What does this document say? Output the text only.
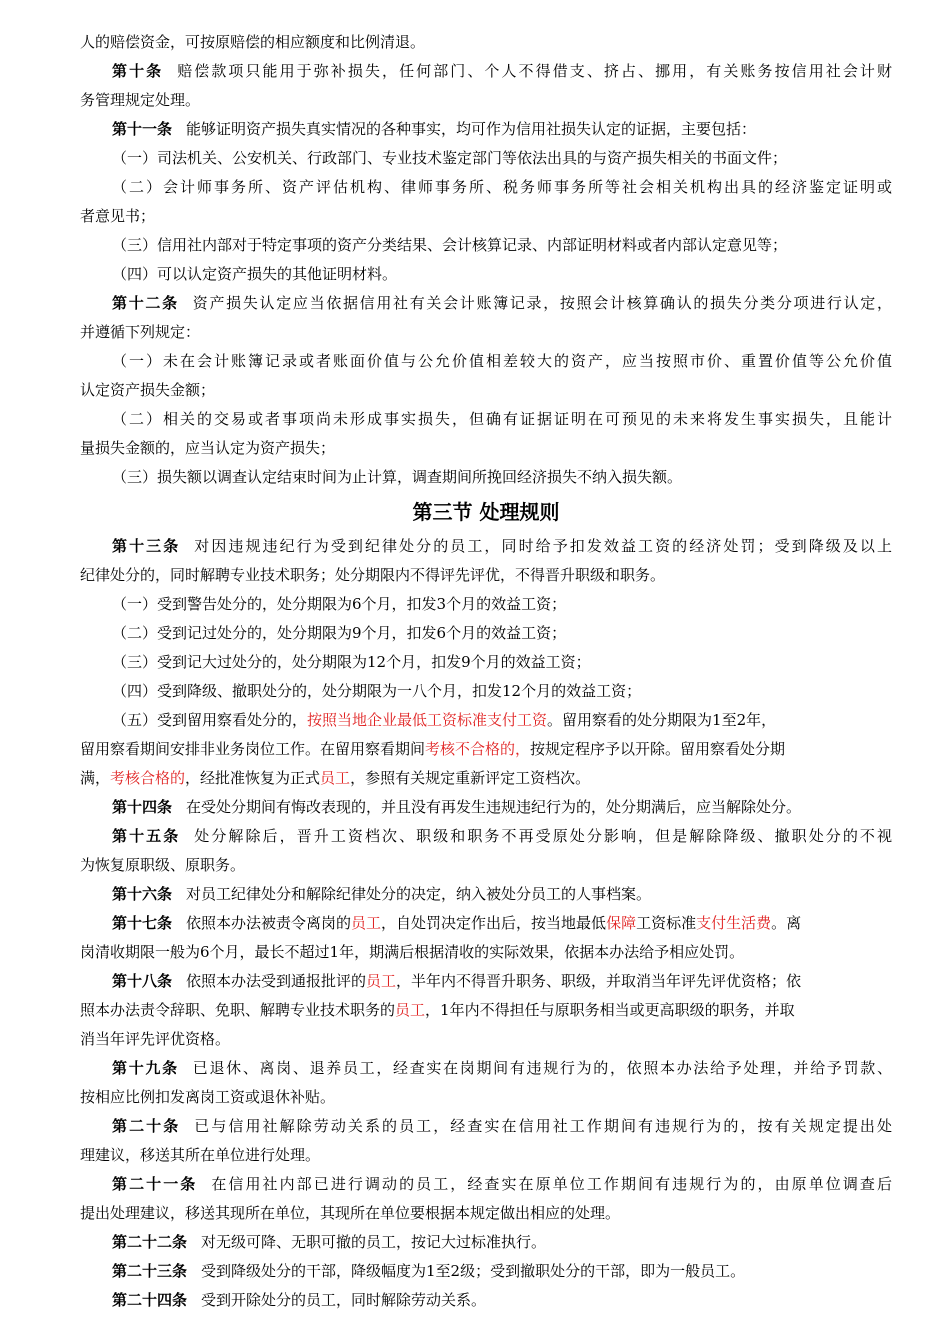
人的赔偿资金，可按原赔偿的相应额度和比例清退。
第十条 赔偿款项只能用于弥补损失，任何部门、个人不得借支、挤占、挪用，有关账务按信用社会计财
务管理规定处理。
第十一条 能够证明资产损失真实情况的各种事实，均可作为信用社损失认定的证据，主要包括：
（一）司法机关、公安机关、行政部门、专业技术鉴定部门等依法出具的与资产损失相关的书面文件；
（二）会计师事务所、资产评估机构、律师事务所、税务师事务所等社会相关机构出具的经济鉴定证明或
者意见书；
（三）信用社内部对于特定事项的资产分类结果、会计核算记录、内部证明材料或者内部认定意见等；
（四）可以认定资产损失的其他证明材料。
第十二条 资产损失认定应当依据信用社有关会计账簿记录，按照会计核算确认的损失分类分项进行认定，
并遵循下列规定：
（一）未在会计账簿记录或者账面价值与公允价值相差较大的资产，应当按照市价、重置价值等公允价值
认定资产损失金额；
（二）相关的交易或者事项尚未形成事实损失，但确有证据证明在可预见的未来将发生事实损失，且能计
量损失金额的，应当认定为资产损失；
（三）损失额以调查认定结束时间为止计算，调查期间所挽回经济损失不纳入损失额。
第三节 处理规则
第十三条 对因违规违纪行为受到纪律处分的员工，同时给予扣发效益工资的经济处罚；受到降级及以上
纪律处分的，同时解聘专业技术职务；处分期限内不得评先评优，不得晋升职级和职务。
（一）受到警告处分的，处分期限为6个月，扣发3个月的效益工资；
（二）受到记过处分的，处分期限为9个月，扣发6个月的效益工资；
（三）受到记大过处分的，处分期限为12个月，扣发9个月的效益工资；
（四）受到降级、撤职处分的，处分期限为一八个月，扣发12个月的效益工资；
（五）受到留用察看处分的，按照当地企业最低工资标准支付工资。留用察看的处分期限为1至2年，
留用察看期间安排非业务岗位工作。在留用察看期间考核不合格的，按规定程序予以开除。留用察看处分期
满，考核合格的，经批准恢复为正式员工，参照有关规定重新评定工资档次。
第十四条 在受处分期间有悔改表现的，并且没有再发生违规违纪行为的，处分期满后，应当解除处分。
第十五条 处分解除后，晋升工资档次、职级和职务不再受原处分影响，但是解除降级、撤职处分的不视
为恢复原职级、原职务。
第十六条 对员工纪律处分和解除纪律处分的决定，纳入被处分员工的人事档案。
第十七条 依照本办法被责令离岗的员工，自处罚决定作出后，按当地最低保障工资标准支付生活费。离
岗清收期限一般为6个月，最长不超过1年，期满后根据清收的实际效果，依据本办法给予相应处罚。
第十八条 依照本办法受到通报批评的员工，半年内不得晋升职务、职级，并取消当年评先评优资格；依
照本办法责令辞职、免职、解聘专业技术职务的员工，1年内不得担任与原职务相当或更高职级的职务，并取
消当年评先评优资格。
第十九条 已退休、离岗、退养员工，经查实在岗期间有违规行为的，依照本办法给予处理，并给予罚款、
按相应比例扣发离岗工资或退休补贴。
第二十条 已与信用社解除劳动关系的员工，经查实在信用社工作期间有违规行为的，按有关规定提出处
理建议，移送其所在单位进行处理。
第二十一条 在信用社内部已进行调动的员工，经查实在原单位工作期间有违规行为的，由原单位调查后
提出处理建议，移送其现所在单位，其现所在单位要根据本规定做出相应的处理。
第二十二条 对无级可降、无职可撤的员工，按记大过标准执行。
第二十三条 受到降级处分的干部，降级幅度为1至2级；受到撤职处分的干部，即为一般员工。
第二十四条 受到开除处分的员工，同时解除劳动关系。
